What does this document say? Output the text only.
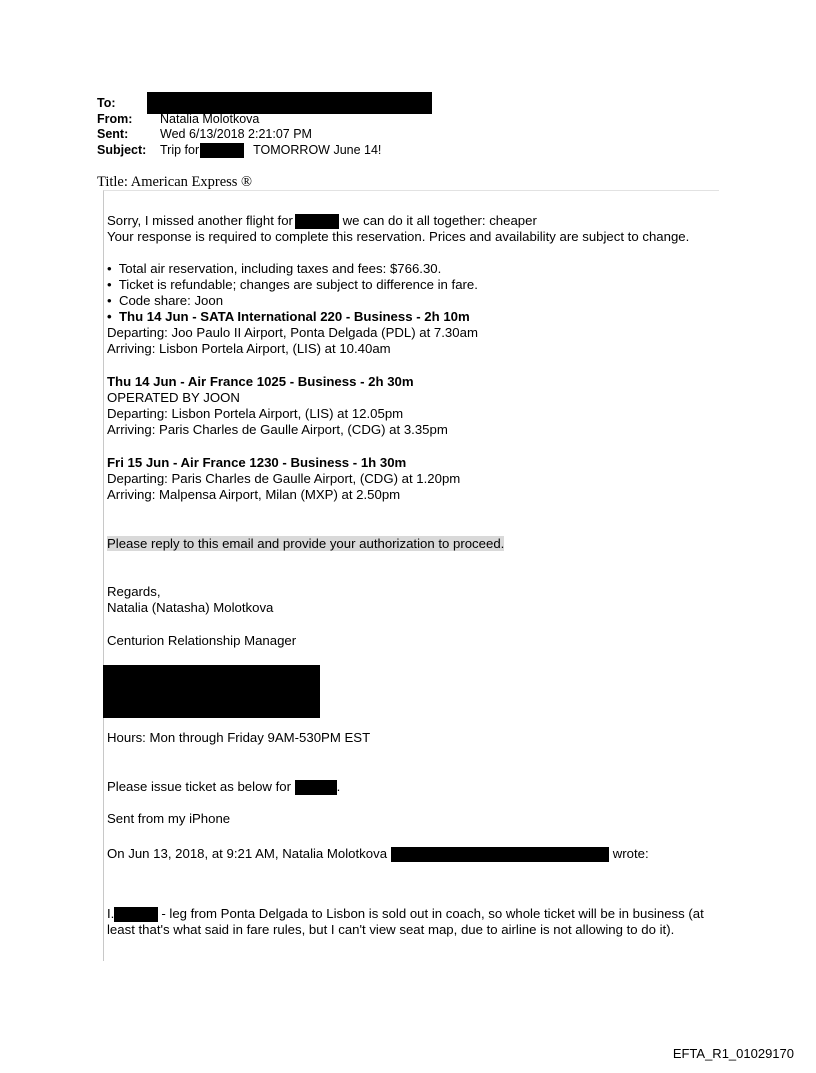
To:
From: Natalia Molotkova
Sent:	Wed 6/13/2018 2:21:07 PM
Subject: Trip for	TOMORROW June 14!
Title: American Express ®
Sorry, I missed another flight for	we can do it all together: cheaper
Your response is required to complete this reservation. Prices and availability are subject to change.
•  Total air reservation, including taxes and fees: $766.30.
•  Ticket is refundable; changes are subject to difference in fare.
•  Code share: Joon
•  Thu 14 Jun - SATA International 220 - Business - 2h 10m
Departing: Joo Paulo II Airport, Ponta Delgada (PDL) at 7.30am
Arriving: Lisbon Portela Airport, (LIS) at 10.40am
Thu 14 Jun - Air France 1025 - Business - 2h 30m
OPERATED BY JOON
Departing: Lisbon Portela Airport, (LIS) at 12.05pm
Arriving: Paris Charles de Gaulle Airport, (CDG) at 3.35pm
Fri 15 Jun - Air France 1230 - Business - 1h 30m
Departing: Paris Charles de Gaulle Airport, (CDG) at 1.20pm
Arriving: Malpensa Airport, Milan (MXP) at 2.50pm
Please reply to this email and provide your authorization to proceed.
Regards,
Natalia (Natasha) Molotkova
Centurion Relationship Manager
Hours: Mon through Friday 9AM-530PM EST
Please issue ticket as below for	.
Sent from my iPhone
On Jun 13, 2018, at 9:21 AM, Natalia Molotkova	wrote:
I.	- leg from Ponta Delgada to Lisbon is sold out in coach, so whole ticket will be in business (at least that's what said in fare rules, but I can't view seat map, due to airline is not allowing to do it).
EFTA_R1_01029170
